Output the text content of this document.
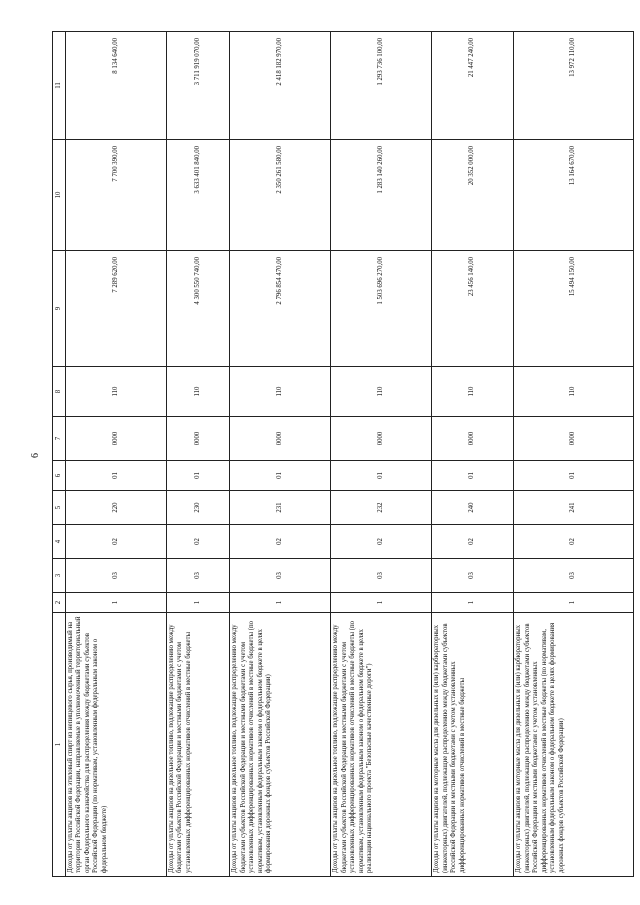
6
1	2	3	4	5	6	7	8	9	10	11
Доходы от уплаты акцизов на этиловый спирт из непищевого сырья, производимый на территории Российской Федерации, направляемые в уполномоченный территориальный орган Федерального казначейства для распределения между бюджетами субъектов Российской Федерации (по нормативам, установленным федеральным законом о федеральном бюджете)	1	03	02	220	01	0000	110	7 289 620,00	7 700 390,00	8 134 640,00
Доходы от уплаты акцизов на дизельное топливо, подлежащие распределению между бюджетами субъектов Российской Федерации и местными бюджетами с учетом установленных дифференцированных нормативов отчислений в местные бюджеты	1	03	02	230	01	0000	110	4 300 550 740,00	3 633 401 840,00	3 711 919 070,00
Доходы от уплаты акцизов на дизельное топливо, подлежащие распределению между бюджетами субъектов Российской Федерации и местными бюджетами с учетом установленных дифференцированных нормативов отчислений в местные бюджеты (по нормативам, установленным федеральным законом о федеральном бюджете в целях формирования дорожных фондов субъектов Российской Федерации)	1	03	02	231	01	0000	110	2 796 854 470,00	2 350 261 580,00	2 418 182 970,00
Доходы от уплаты акцизов на дизельное топливо, подлежащие распределению между бюджетами субъектов Российской Федерации и местными бюджетами с учетом установленных дифференцированных нормативов отчислений в местные бюджеты (по нормативам, установленным федеральным законом о федеральном бюджете в целях реализации национального проекта "Безопасные качественные дороги")	1	03	02	232	01	0000	110	1 503 696 270,00	1 283 140 260,00	1 293 736 100,00
Доходы от уплаты акцизов на моторные масла для дизельных и (или) карбюраторных (инжекторных) двигателей, подлежащие распределению между бюджетами субъектов Российской Федерации и местными бюджетами с учетом установленных дифференцированных нормативов отчислений в местные бюджеты	1	03	02	240	01	0000	110	23 456 140,00	20 352 000,00	21 447 240,00
Доходы от уплаты акцизов на моторные масла для дизельных и (или) карбюраторных (инжекторных) двигателей, подлежащие распределению между бюджетами субъектов Российской Федерации и местными бюджетами с учетом установленных дифференцированных нормативов отчислений в местные бюджеты (по нормативам, установленным федеральным законом о федеральном бюджете в целях формирования дорожных фондов субъектов Российской Федерации)	1	03	02	241	01	0000	110	15 494 150,00	13 164 670,00	13 972 110,00
